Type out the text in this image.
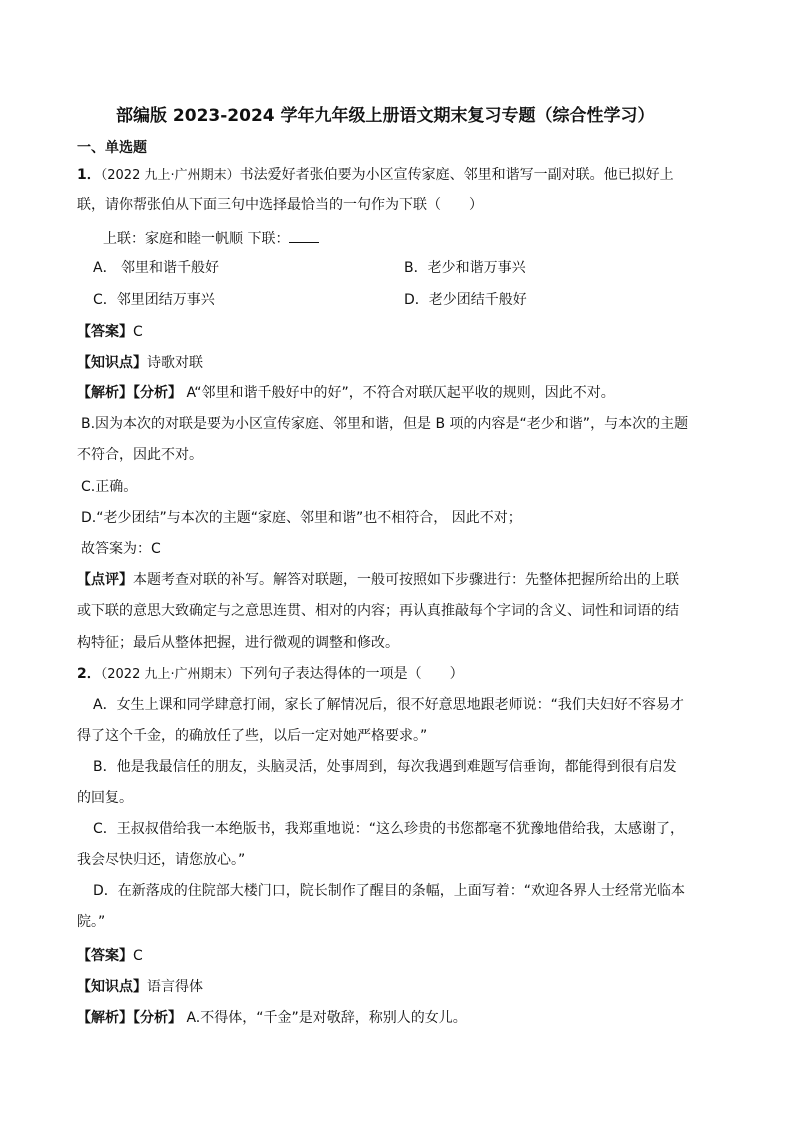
部编版 2023-2024 学年九年级上册语文期末复习专题（综合性学习）
一、单选题
1．（2022 九上·广州期末）书法爱好者张伯要为小区宣传家庭、邻里和谐写一副对联。他已拟好上
联，请你帮张伯从下面三句中选择最恰当的一句作为下联（　　）
上联：家庭和睦一帆顺 下联：
A． 邻里和谐千般好	B．老少和谐万事兴
C．邻里团结万事兴	D．老少团结千般好
【答案】C
【知识点】诗歌对联
【解析】【分析】 A“邻里和谐千般好中的好”，不符合对联仄起平收的规则，因此不对。
B.因为本次的对联是要为小区宣传家庭、邻里和谐，但是 B 项的内容是“老少和谐”，与本次的主题
不符合，因此不对。
C.正确。
D.“老少团结”与本次的主题“家庭、邻里和谐”也不相符合， 因此不对；
故答案为：C
【点评】本题考查对联的补写。解答对联题，一般可按照如下步骤进行：先整体把握所给出的上联
或下联的意思大致确定与之意思连贯、相对的内容；再认真推敲每个字词的含义、词性和词语的结
构特征；最后从整体把握，进行微观的调整和修改。
2．（2022 九上·广州期末）下列句子表达得体的一项是（　　）
A．女生上课和同学肆意打闹，家长了解情况后，很不好意思地跟老师说：“我们夫妇好不容易才
得了这个千金，的确放任了些，以后一定对她严格要求。”
B．他是我最信任的朋友，头脑灵活，处事周到，每次我遇到难题写信垂询，都能得到很有启发
的回复。
C．王叔叔借给我一本绝版书，我郑重地说：“这么珍贵的书您都毫不犹豫地借给我，太感谢了，
我会尽快归还，请您放心。”
D．在新落成的住院部大楼门口，院长制作了醒目的条幅，上面写着：“欢迎各界人士经常光临本
院。”
【答案】C
【知识点】语言得体
【解析】【分析】 A.不得体，“千金”是对敬辞，称别人的女儿。
